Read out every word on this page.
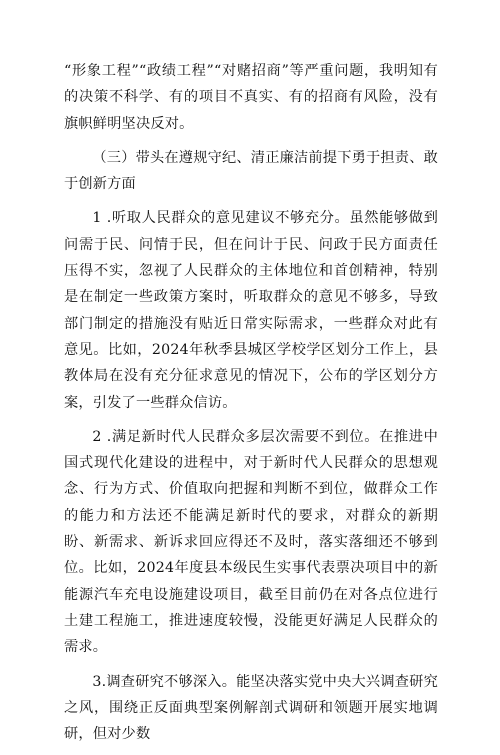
“形象工程”“政绩工程”“对赌招商”等严重问题，我明知有的决策不科学、有的项目不真实、有的招商有风险，没有旗帜鲜明坚决反对。

（三）带头在遵规守纪、清正廉洁前提下勇于担责、敢于创新方面

1 .听取人民群众的意见建议不够充分。虽然能够做到问需于民、问情于民，但在问计于民、问政于民方面责任压得不实，忽视了人民群众的主体地位和首创精神，特别是在制定一些政策方案时，听取群众的意见不够多，导致部门制定的措施没有贴近日常实际需求，一些群众对此有意见。比如，2024年秋季县城区学校学区划分工作上，县教体局在没有充分征求意见的情况下，公布的学区划分方案，引发了一些群众信访。

2 .满足新时代人民群众多层次需要不到位。在推进中国式现代化建设的进程中，对于新时代人民群众的思想观念、行为方式、价值取向把握和判断不到位，做群众工作的能力和方法还不能满足新时代的要求，对群众的新期盼、新需求、新诉求回应得还不及时，落实落细还不够到位。比如，2024年度县本级民生实事代表票决项目中的新能源汽车充电设施建设项目，截至目前仍在对各点位进行土建工程施工，推进速度较慢，没能更好满足人民群众的需求。

3.调查研究不够深入。能坚决落实党中央大兴调查研究之风，围绕正反面典型案例解剖式调研和领题开展实地调研，但对少数
